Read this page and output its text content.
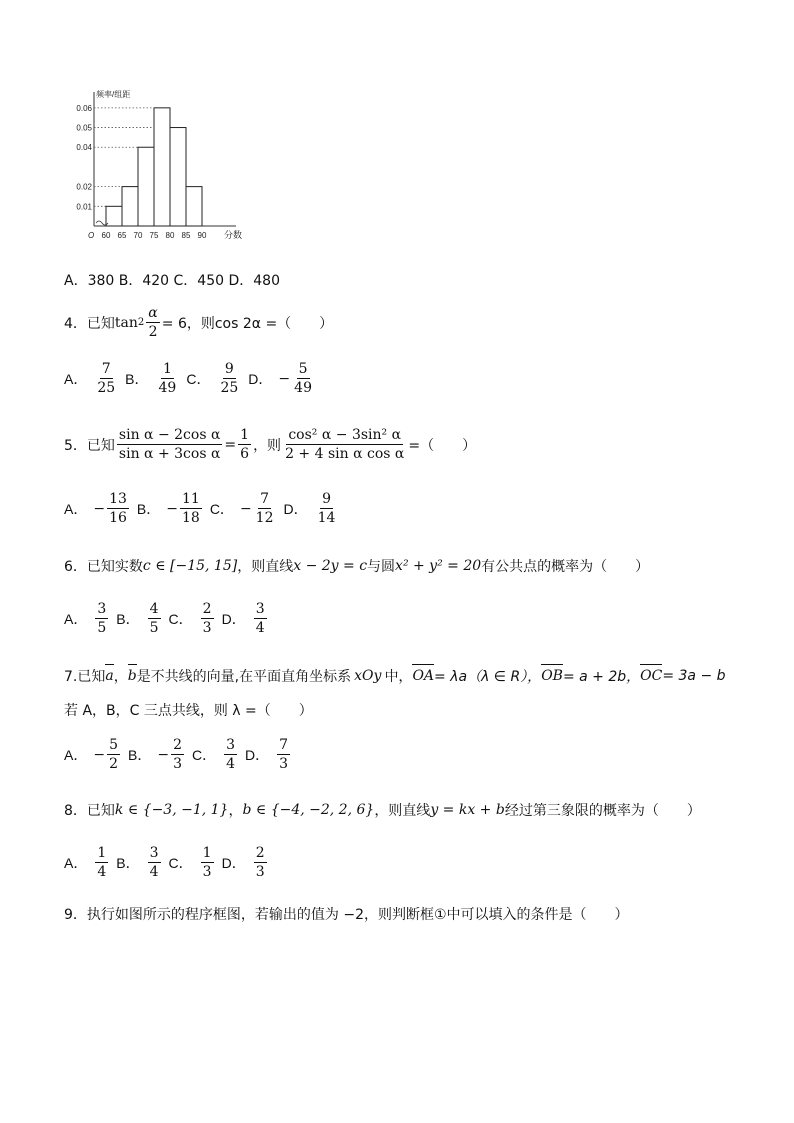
0.01
0.02
0.04
0.05
0.06
60 65 70 75 80 85 90
O
频率/组距
分数
A．380 B．420 C．450 D．480
4．已知 $\tan 2 \frac{\alpha}{2} = 6$，则 cos 2α =（　　）
A． $\frac{7}{25}$ B． $\frac{1}{49}$ C． $\frac{9}{25}$ D． − $\frac{5}{49}$
5．已知 $\frac{\text{sin α − 2cos α}}{\text{sin α + 3cos α}} = \frac{1}{6}$ ，则 $\frac{\text{cos² α − 3sin² α}}{\text{2 + 4 sin α cos α}}$ =（　　）
A． − $\frac{13}{16}$ B． − $\frac{11}{18}$ C． − $\frac{7}{12}$ D． $\frac{9}{14}$
6．已知实数 c ∈ [−15, 15] ，则直线 x − 2y = c 与圆 x² + y² = 20 有公共点的概率为（　　）
A． $\frac{3}{5}$ B． $\frac{4}{5}$ C． $\frac{2}{3}$ D． $\frac{3}{4}$
7.已知 a ， b 是不共线的向量,在平面直角坐标系 xOy 中， OA = λa（λ ∈ R）， OB = a + 2b， OC = 3a − b
若 A，B，C 三点共线，则 λ =（　　）
A． − $\frac{5}{2}$ B． − $\frac{2}{3}$ C． $\frac{3}{4}$ D． $\frac{7}{3}$
8．已知 k ∈ {−3, −1, 1} ， b ∈ {−4, −2, 2, 6} ，则直线 y = kx + b 经过第三象限的概率为（　　）
A． $\frac{1}{4}$ B． $\frac{3}{4}$ C． $\frac{1}{3}$ D． $\frac{2}{3}$
9．执行如图所示的程序框图，若输出的值为 −2，则判断框①中可以填入的条件是（　　）
